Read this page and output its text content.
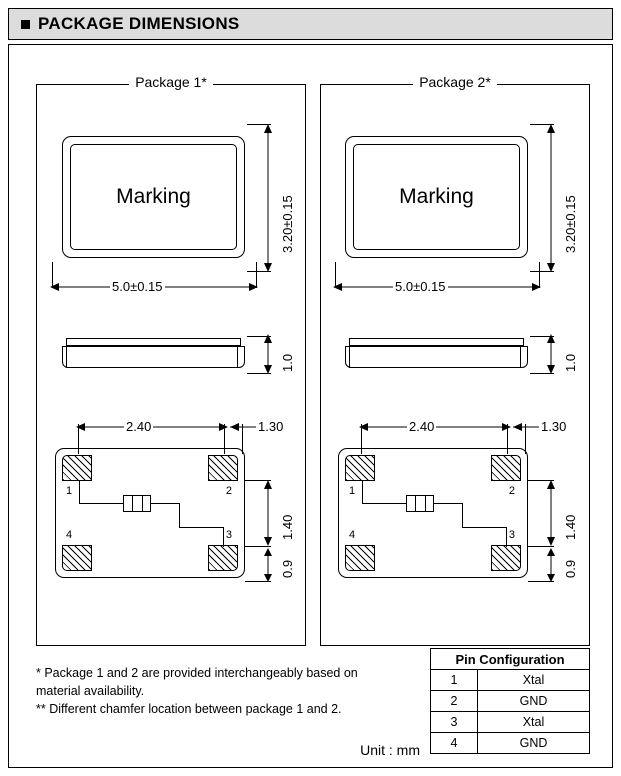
PACKAGE DIMENSIONS
Package 1*
Marking	3.20±0.15
5.0±0.15
1.0
1	2
3
4
2.40	1.30
1.40
0.9
Package 2*
Marking	3.20±0.15
5.0±0.15
1.0
1	2
3
4
2.40	1.30
1.40
0.9
* Package 1 and 2 are provided interchangeably based on material availability.
** Different chamfer location between package 1 and 2.
Unit : mm
Pin Configuration	
1	Xtal
2	GND
3	Xtal
4	GND
